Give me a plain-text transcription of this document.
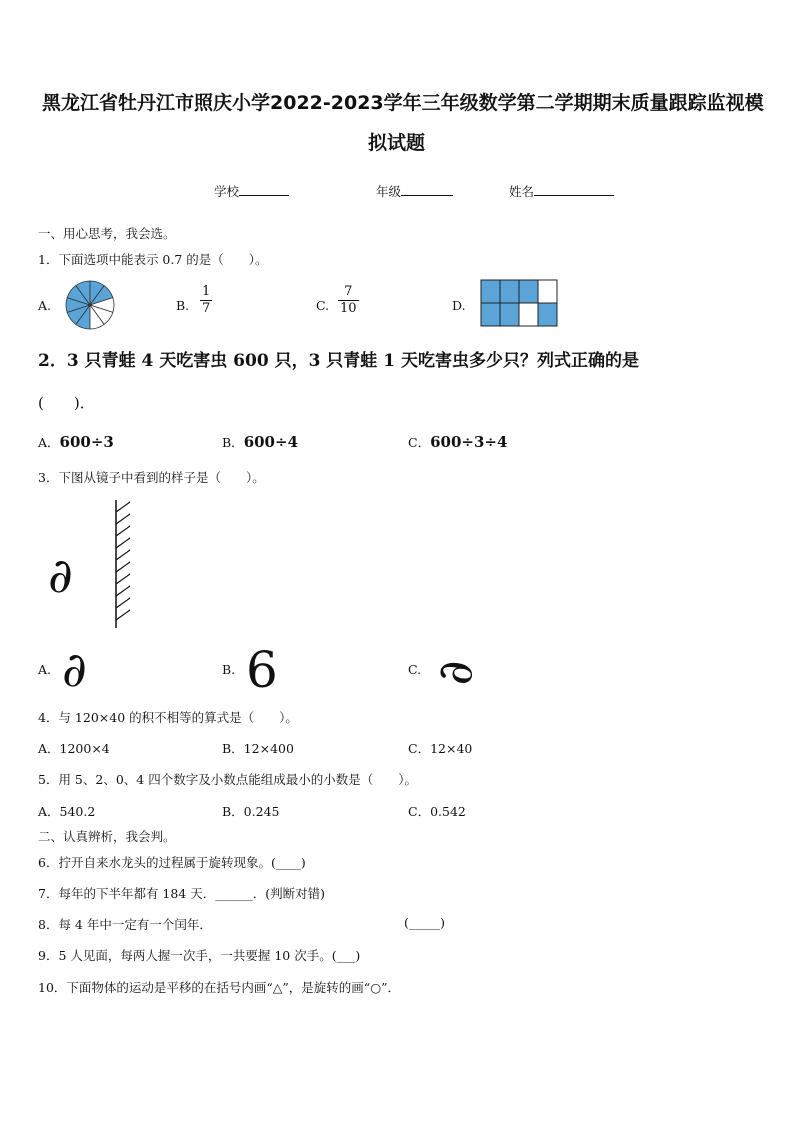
黑龙江省牡丹江市照庆小学2022-2023学年三年级数学第二学期期末质量跟踪监视模
拟试题
学校	年级	姓名
一、用心思考，我会选。
1．下面选项中能表示 0.7 的是（　　）。
A.	B. $\frac{1}{7}$	C. $\frac{7}{10}$	D.
2．3 只青蛙 4 天吃害虫 600 只，3 只青蛙 1 天吃害虫多少只？列式正确的是
(　　)．
A．600÷3	B．600÷4	C．600÷3÷4
3．下图从镜子中看到的样子是（　　）。
∂
A. ∂	B. 6	C. ∂
4．与 120×40 的积不相等的算式是（　　）。
A．1200×4	B．12×400	C．12×40
5．用 5、2、0、4 四个数字及小数点能组成最小的小数是（　　）。
A．540.2	B．0.245	C．0.542
二、认真辨析，我会判。
6．拧开自来水龙头的过程属于旋转现象。(____)
7．每年的下半年都有 184 天．______．(判断对错)
8．每 4 年中一定有一个闰年．	(_____)
9．5 人见面，每两人握一次手，一共要握 10 次手。(___)
10．下面物体的运动是平移的在括号内画“△”，是旋转的画“○”．
